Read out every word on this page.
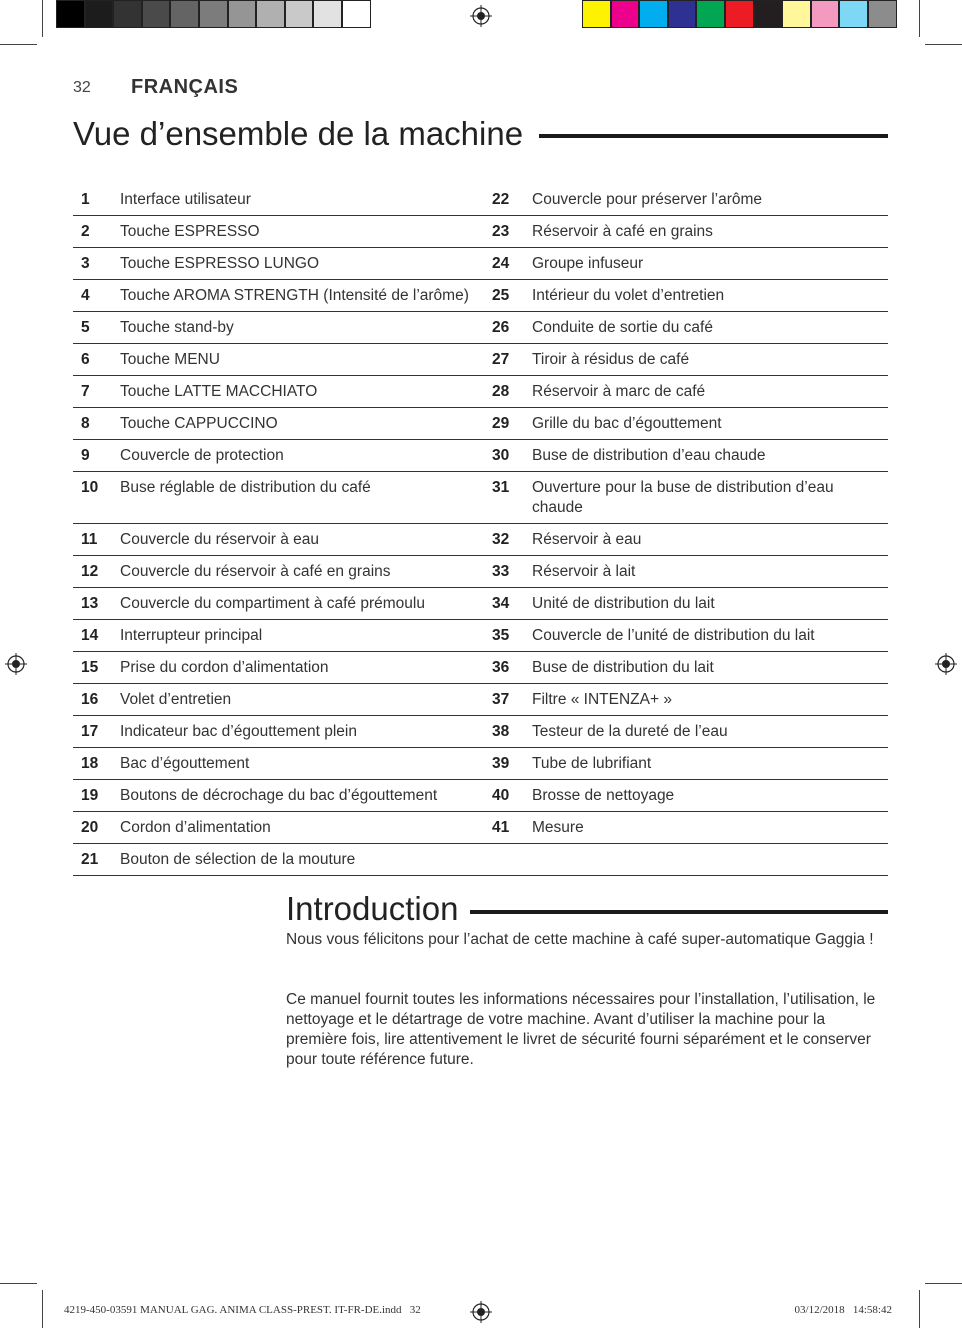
32 FRANÇAIS
Vue d’ensemble de la machine
1	Interface utilisateur	22	Couvercle pour préserver l’arôme
2	Touche ESPRESSO	23	Réservoir à café en grains
3	Touche ESPRESSO LUNGO	24	Groupe infuseur
4	Touche AROMA STRENGTH (Intensité de l’arôme)	25	Intérieur du volet d’entretien
5	Touche stand-by	26	Conduite de sortie du café
6	Touche MENU	27	Tiroir à résidus de café
7	Touche LATTE MACCHIATO	28	Réservoir à marc de café
8	Touche CAPPUCCINO	29	Grille du bac d’égouttement
9	Couvercle de protection	30	Buse de distribution d’eau chaude
10	Buse réglable de distribution du café	31	Ouverture pour la buse de distribution d’eau chaude
11	Couvercle du réservoir à eau	32	Réservoir à eau
12	Couvercle du réservoir à café en grains	33	Réservoir à lait
13	Couvercle du compartiment à café prémoulu	34	Unité de distribution du lait
14	Interrupteur principal	35	Couvercle de l’unité de distribution du lait
15	Prise du cordon d’alimentation	36	Buse de distribution du lait
16	Volet d’entretien	37	Filtre « INTENZA+ »
17	Indicateur bac d’égouttement plein	38	Testeur de la dureté de l’eau
18	Bac d’égouttement	39	Tube de lubrifiant
19	Boutons de décrochage du bac d’égouttement	40	Brosse de nettoyage
20	Cordon d’alimentation	41	Mesure
21	Bouton de sélection de la mouture		
Introduction

Nous vous félicitons pour l’achat de cette machine à café super-automatique Gaggia !

Ce manuel fournit toutes les informations nécessaires pour l’installation, l’utilisation, le nettoyage et le détartrage de votre machine. Avant d’utiliser la machine pour la première fois, lire attentivement le livret de sécurité fourni séparément et le conserver pour toute référence future.

4219-450-03591 MANUAL GAG. ANIMA CLASS-PREST. IT-FR-DE.indd   32	03/12/2018   14:58:42
